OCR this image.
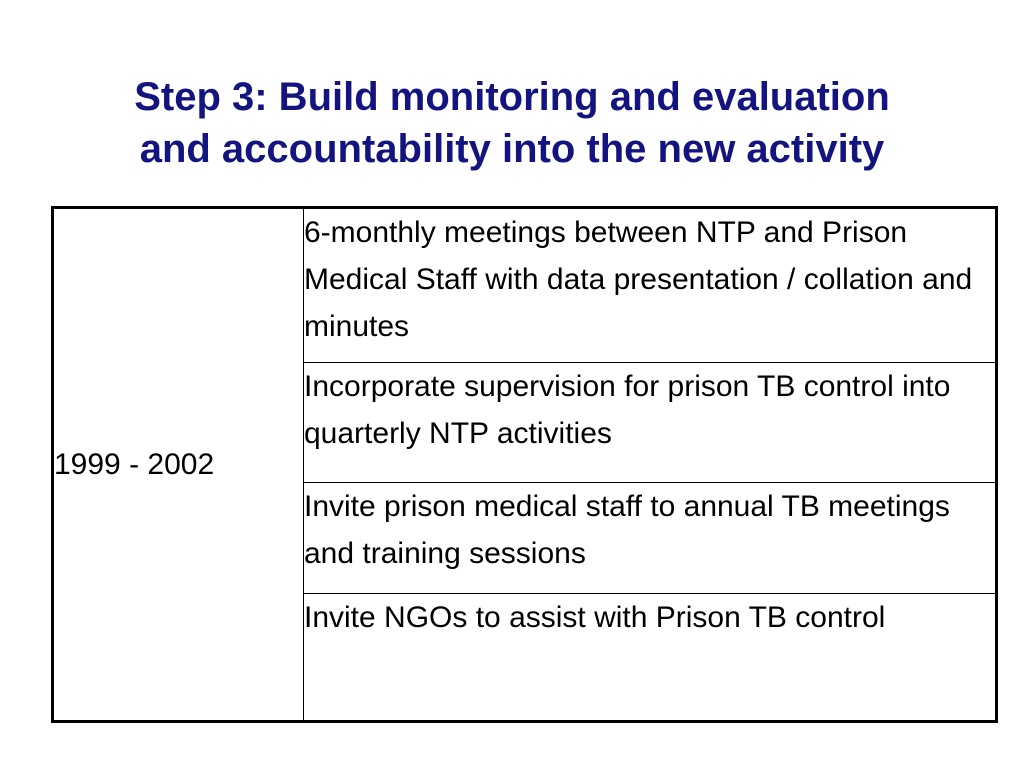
Step 3: Build monitoring and evaluation
and accountability into the new activity
1999 - 2002	6-monthly meetings between NTP and Prison Medical Staff with data presentation / collation and minutes
Incorporate supervision for prison TB control into quarterly NTP activities
Invite prison medical staff to annual TB meetings and training sessions
Invite NGOs to assist with Prison TB control
